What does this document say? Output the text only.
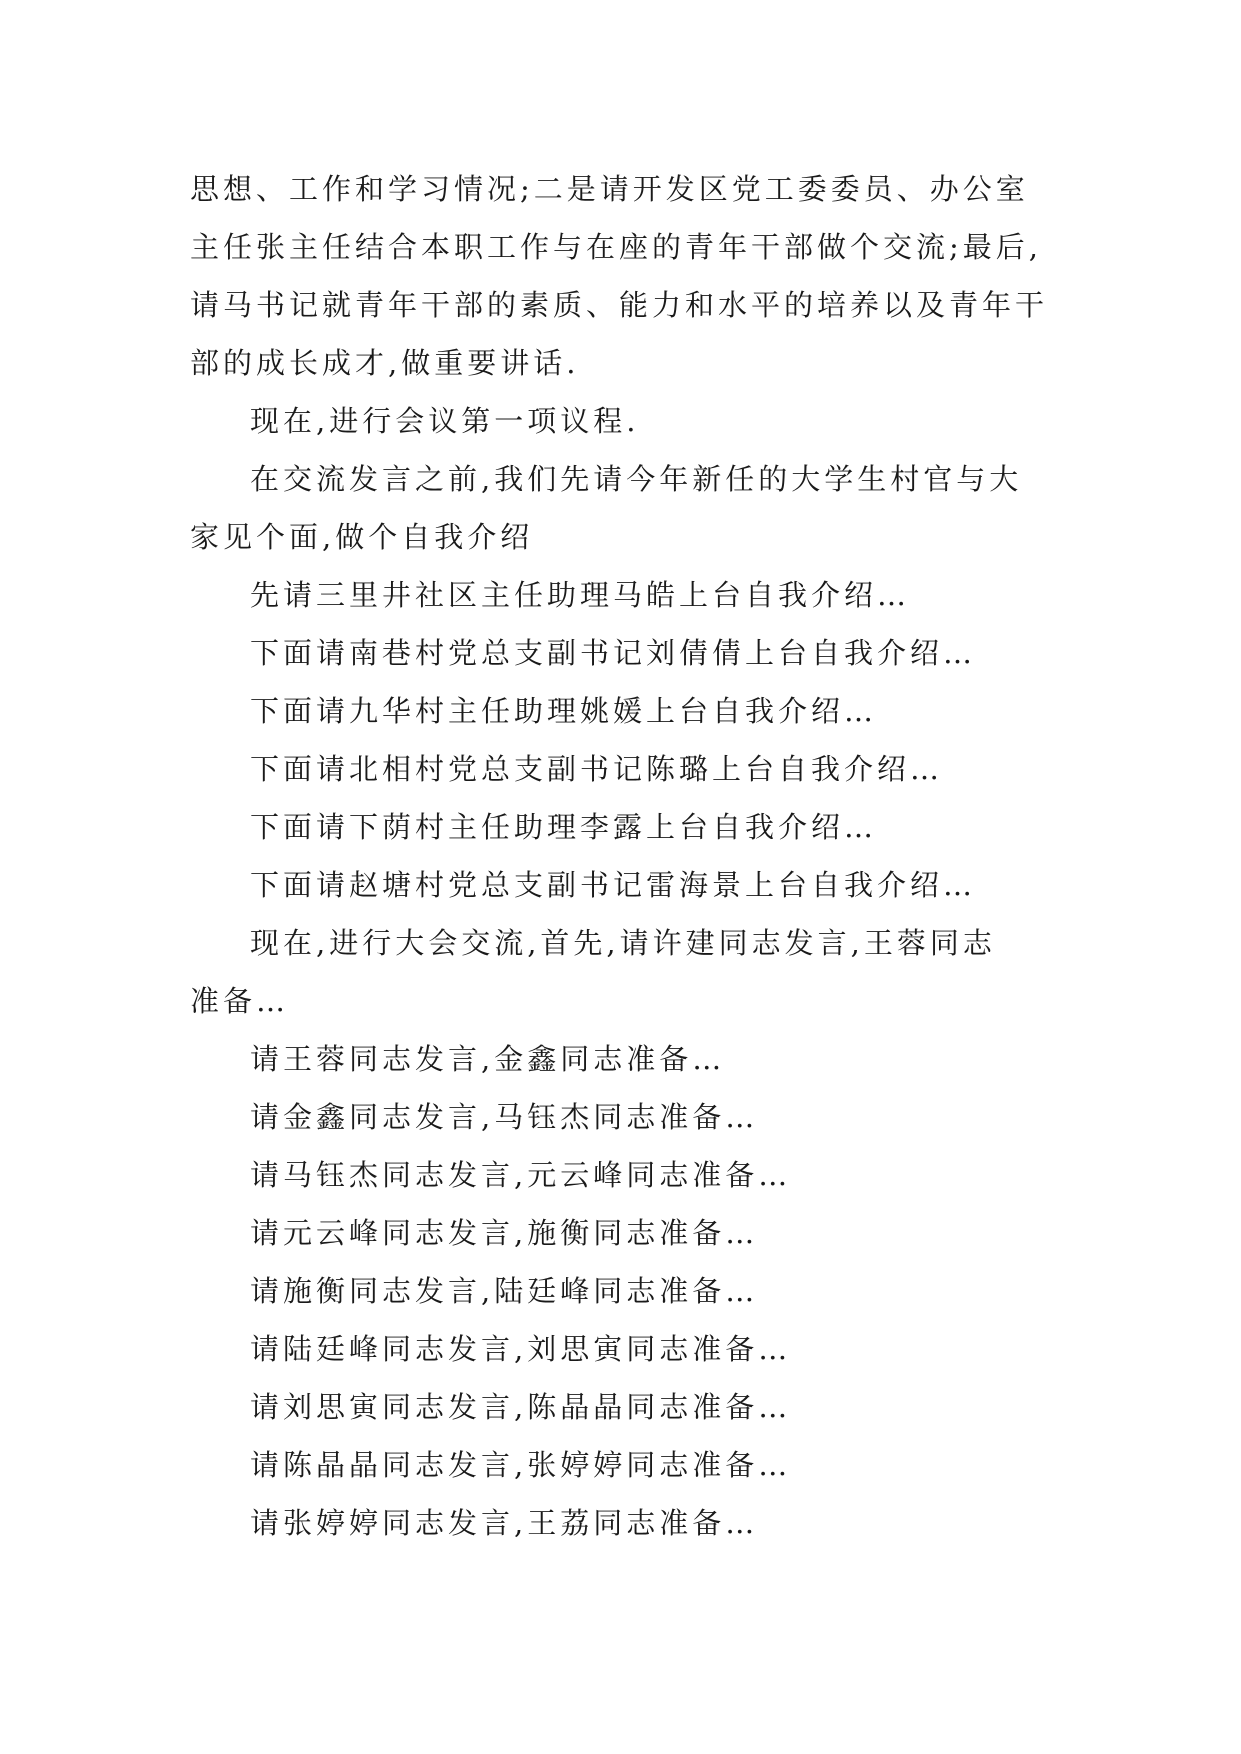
思想、工作和学习情况;二是请开发区党工委委员、办公室
主任张主任结合本职工作与在座的青年干部做个交流;最后,
请马书记就青年干部的素质、能力和水平的培养以及青年干
部的成长成才,做重要讲话.
现在,进行会议第一项议程.
在交流发言之前,我们先请今年新任的大学生村官与大
家见个面,做个自我介绍
先请三里井社区主任助理马皓上台自我介绍…
下面请南巷村党总支副书记刘倩倩上台自我介绍…
下面请九华村主任助理姚媛上台自我介绍…
下面请北相村党总支副书记陈璐上台自我介绍…
下面请下荫村主任助理李露上台自我介绍…
下面请赵塘村党总支副书记雷海景上台自我介绍…
现在,进行大会交流,首先,请许建同志发言,王蓉同志
准备…
请王蓉同志发言,金鑫同志准备…
请金鑫同志发言,马钰杰同志准备…
请马钰杰同志发言,元云峰同志准备…
请元云峰同志发言,施衡同志准备…
请施衡同志发言,陆廷峰同志准备…
请陆廷峰同志发言,刘思寅同志准备…
请刘思寅同志发言,陈晶晶同志准备…
请陈晶晶同志发言,张婷婷同志准备…
请张婷婷同志发言,王荔同志准备…
